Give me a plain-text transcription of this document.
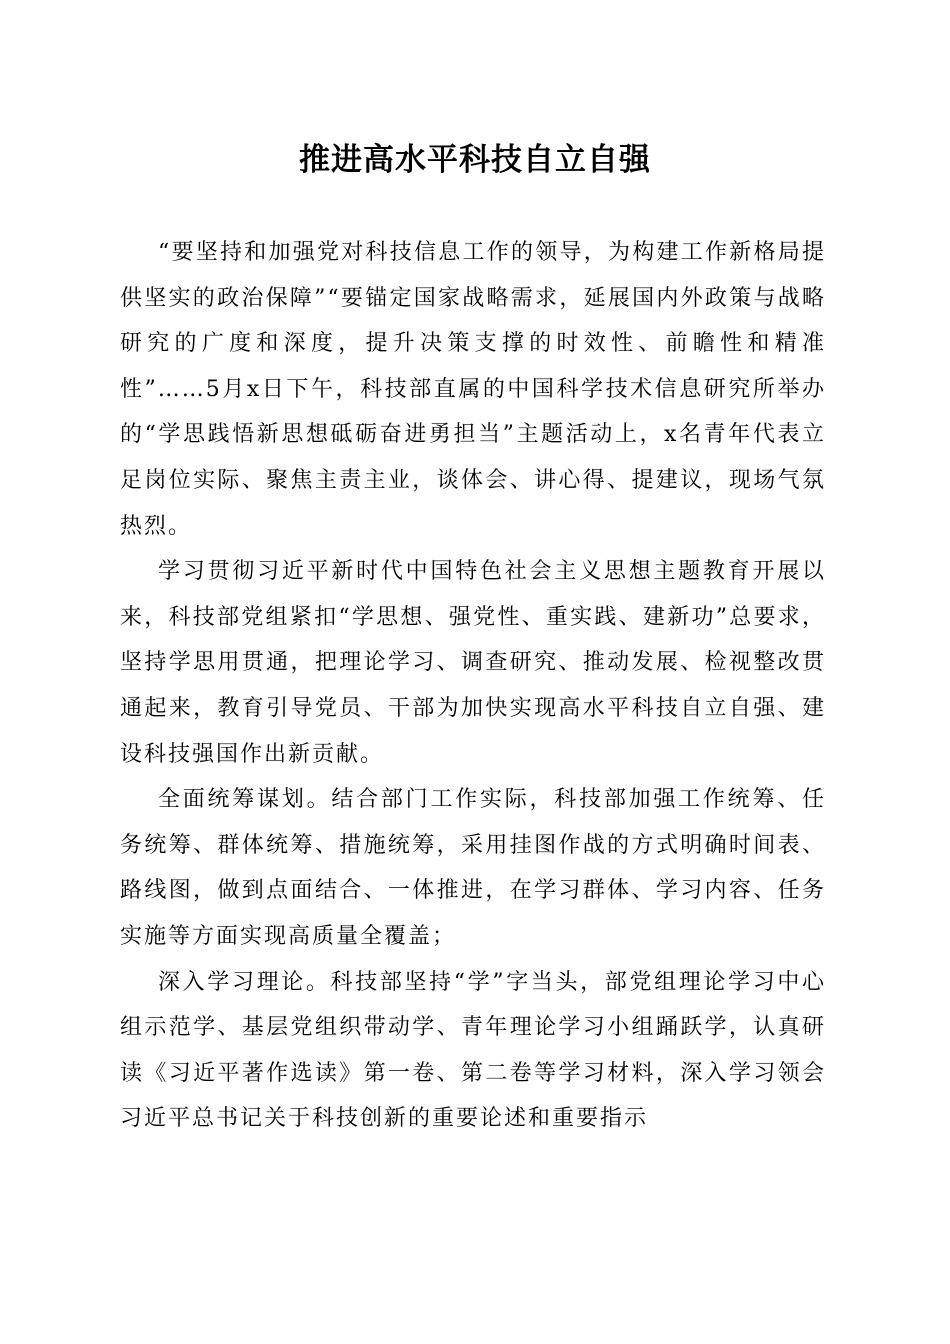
推进高水平科技自立自强

“要坚持和加强党对科技信息工作的领导，为构建工作新格局提供坚实的政治保障”“要锚定国家战略需求，延展国内外政策与战略研究的广度和深度，提升决策支撑的时效性、前瞻性和精准性”……5月x日下午，科技部直属的中国科学技术信息研究所举办的“学思践悟新思想砥砺奋进勇担当”主题活动上，x名青年代表立足岗位实际、聚焦主责主业，谈体会、讲心得、提建议，现场气氛热烈。

学习贯彻习近平新时代中国特色社会主义思想主题教育开展以来，科技部党组紧扣“学思想、强党性、重实践、建新功”总要求，坚持学思用贯通，把理论学习、调查研究、推动发展、检视整改贯通起来，教育引导党员、干部为加快实现高水平科技自立自强、建设科技强国作出新贡献。

全面统筹谋划。结合部门工作实际，科技部加强工作统筹、任务统筹、群体统筹、措施统筹，采用挂图作战的方式明确时间表、路线图，做到点面结合、一体推进，在学习群体、学习内容、任务实施等方面实现高质量全覆盖；

深入学习理论。科技部坚持“学”字当头，部党组理论学习中心组示范学、基层党组织带动学、青年理论学习小组踊跃学，认真研读《习近平著作选读》第一卷、第二卷等学习材料，深入学习领会习近平总书记关于科技创新的重要论述和重要指示
